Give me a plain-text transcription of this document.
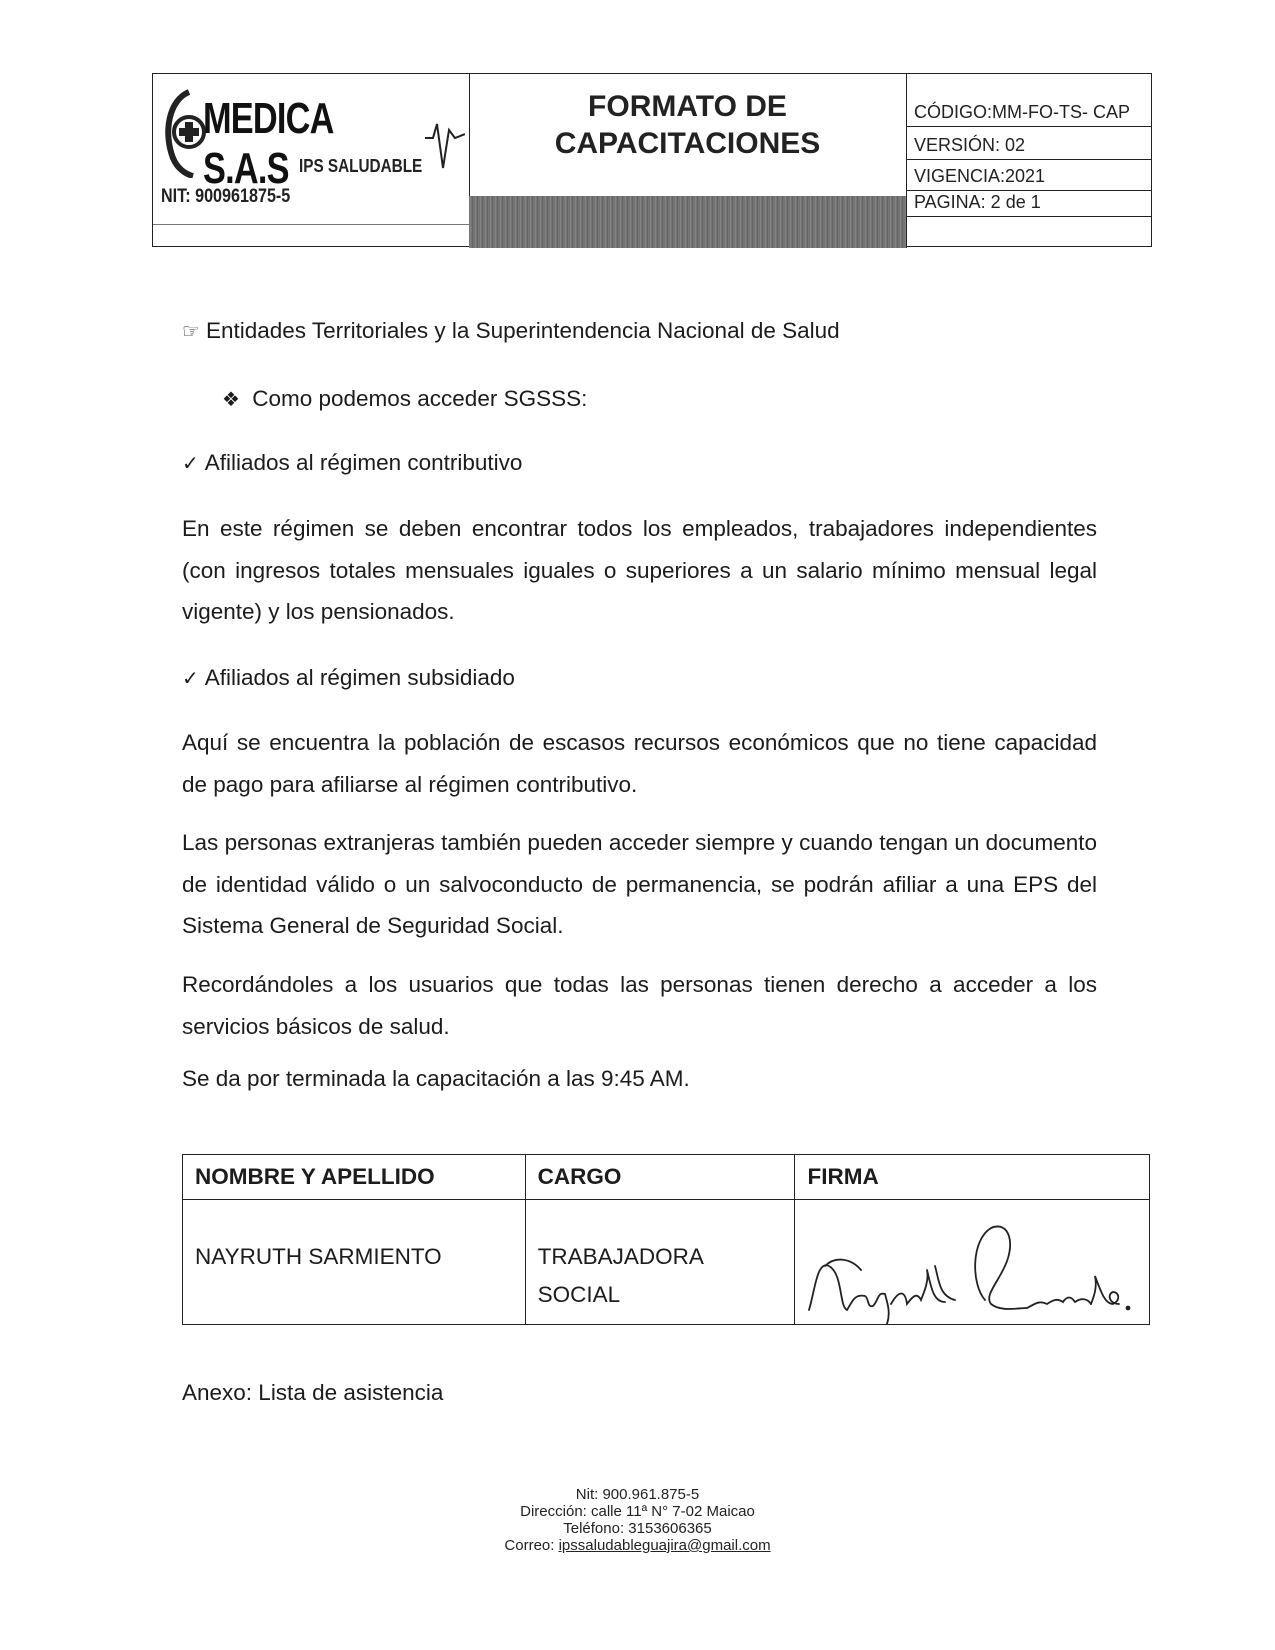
MEDICA S.A.S IPS SALUDABLE
NIT: 900961875-5
FORMATO DE
CAPACITACIONES
CÓDIGO:MM-FO-TS- CAP
VERSIÓN: 02
VIGENCIA:2021
PAGINA: 2 de 1
☞ Entidades Territoriales y la Superintendencia Nacional de Salud
❖ Como podemos acceder SGSSS:
✓ Afiliados al régimen contributivo
En este régimen se deben encontrar todos los empleados, trabajadores independientes (con ingresos totales mensuales iguales o superiores a un salario mínimo mensual legal vigente) y los pensionados.
✓ Afiliados al régimen subsidiado
Aquí se encuentra la población de escasos recursos económicos que no tiene capacidad de pago para afiliarse al régimen contributivo.
Las personas extranjeras también pueden acceder siempre y cuando tengan un documento de identidad válido o un salvoconducto de permanencia, se podrán afiliar a una EPS del Sistema General de Seguridad Social.
Recordándoles a los usuarios que todas las personas tienen derecho a acceder a los servicios básicos de salud.
Se da por terminada la capacitación a las 9:45 AM.
Anexo: Lista de asistencia
NOMBRE Y APELLIDO	CARGO	FIRMA

NAYRUTH SARMIENTO	TRABAJADORA
SOCIAL

Nit: 900.961.875-5
Dirección: calle 11ª N° 7-02 Maicao
Teléfono: 3153606365
Correo: ipssaludableguajira@gmail.com
